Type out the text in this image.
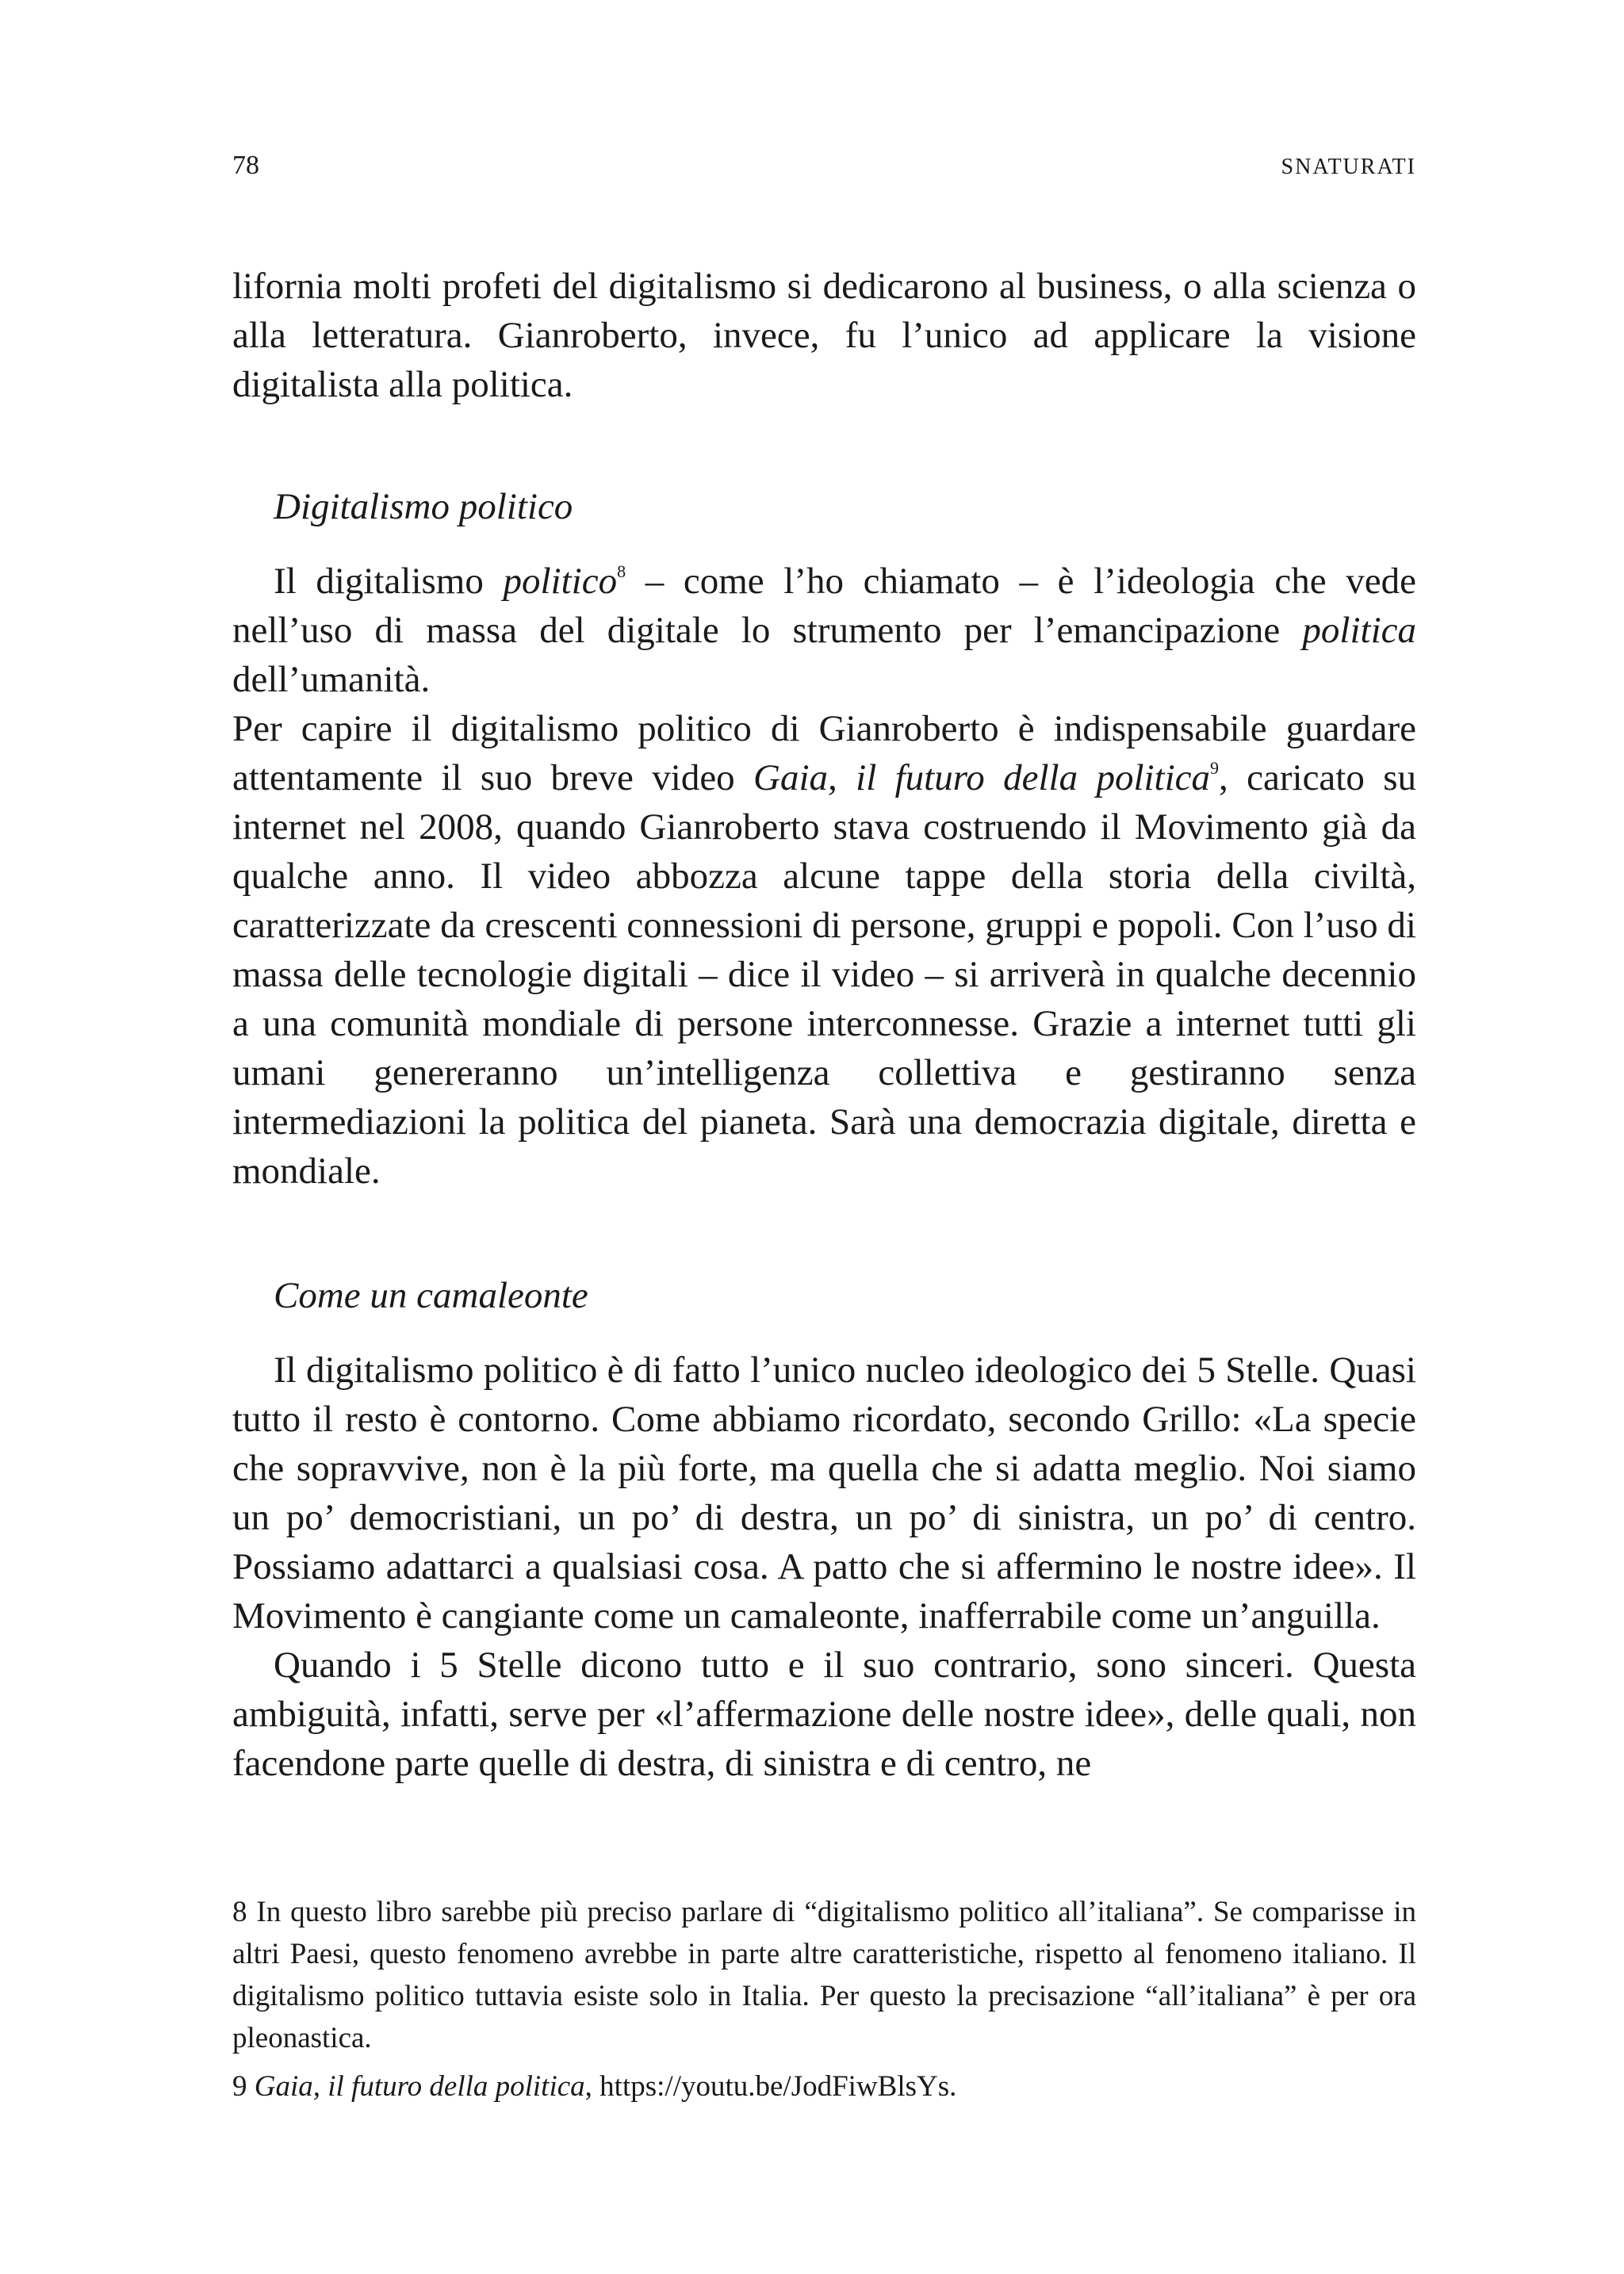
78	SNATURATI

lifornia molti profeti del digitalismo si dedicarono al business, o alla scienza o alla letteratura. Gianroberto, invece, fu l’unico ad applicare la visione digitalista alla politica.

Digitalismo politico

Il digitalismo politico$^8$ – come l’ho chiamato – è l’ideologia che vede nell’uso di massa del digitale lo strumento per l’emancipazione politica dell’umanità.

Per capire il digitalismo politico di Gianroberto è indispensabile guardare attentamente il suo breve video Gaia, il futuro della politica$^9$, caricato su internet nel 2008, quando Gianroberto stava costruendo il Movimento già da qualche anno. Il video abbozza alcune tappe della storia della civiltà, caratterizzate da crescenti connessioni di persone, gruppi e popoli. Con l’uso di massa delle tecnologie digitali – dice il video – si arriverà in qualche decennio a una comunità mondiale di persone interconnesse. Grazie a internet tutti gli umani genereranno un’intelligenza collettiva e gestiranno senza intermediazioni la politica del pianeta. Sarà una democrazia digitale, diretta e mondiale.

Come un camaleonte

Il digitalismo politico è di fatto l’unico nucleo ideologico dei 5 Stelle. Quasi tutto il resto è contorno. Come abbiamo ricordato, secondo Grillo: «La specie che sopravvive, non è la più forte, ma quella che si adatta meglio. Noi siamo un po’ democristiani, un po’ di destra, un po’ di sinistra, un po’ di centro. Possiamo adattarci a qualsiasi cosa. A patto che si affermino le nostre idee». Il Movimento è cangiante come un camaleonte, inafferrabile come un’anguilla.

Quando i 5 Stelle dicono tutto e il suo contrario, sono sinceri. Questa ambiguità, infatti, serve per «l’affermazione delle nostre idee», delle quali, non facendone parte quelle di destra, di sinistra e di centro, ne

8 In questo libro sarebbe più preciso parlare di “digitalismo politico all’italiana”. Se comparisse in altri Paesi, questo fenomeno avrebbe in parte altre caratteristiche, rispetto al fenomeno italiano. Il digitalismo politico tuttavia esiste solo in Italia. Per questo la precisazione “all’italiana” è per ora pleonastica.

9 Gaia, il futuro della politica, https://youtu.be/JodFiwBlsYs.
